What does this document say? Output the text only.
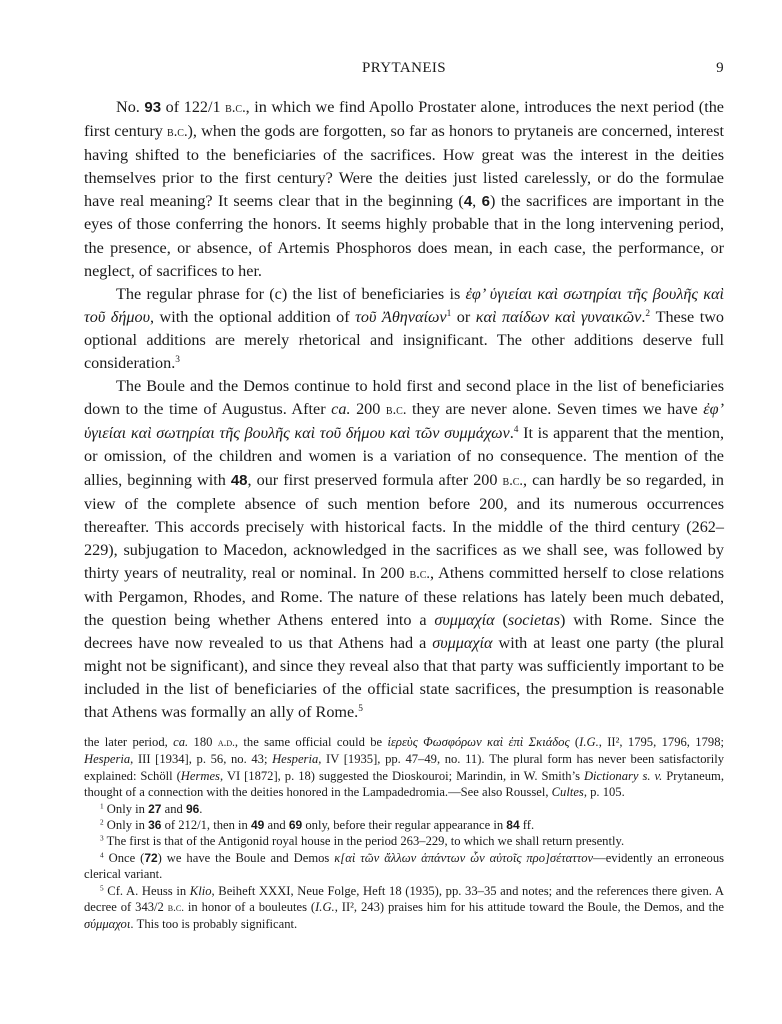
PRYTANEIS	9

No. 93 of 122/1 b.c., in which we find Apollo Prostater alone, introduces the next period (the first century b.c.), when the gods are forgotten, so far as honors to prytaneis are concerned, interest having shifted to the beneficiaries of the sacrifices. How great was the interest in the deities themselves prior to the first century? Were the deities just listed carelessly, or do the formulae have real meaning? It seems clear that in the beginning (4, 6) the sacrifices are important in the eyes of those conferring the honors. It seems highly probable that in the long intervening period, the presence, or absence, of Artemis Phosphoros does mean, in each case, the performance, or neglect, of sacrifices to her.

The regular phrase for (c) the list of beneficiaries is ἐφ’ ὑγιείαι καὶ σωτηρίαι τῆς βουλῆς καὶ τοῦ δήμου, with the optional addition of τοῦ Ἀθηναίων$^1$ or καὶ παίδων καὶ γυναικῶν.$^2$ These two optional additions are merely rhetorical and insignificant. The other additions deserve full consideration.$^3$

The Boule and the Demos continue to hold first and second place in the list of beneficiaries down to the time of Augustus. After ca. 200 b.c. they are never alone. Seven times we have ἐφ’ ὑγιείαι καὶ σωτηρίαι τῆς βουλῆς καὶ τοῦ δήμου καὶ τῶν συμμάχων.$^4$ It is apparent that the mention, or omission, of the children and women is a variation of no consequence. The mention of the allies, beginning with 48, our first preserved formula after 200 b.c., can hardly be so regarded, in view of the complete absence of such mention before 200, and its numerous occurrences thereafter. This accords precisely with historical facts. In the middle of the third century (262–229), subjugation to Macedon, acknowledged in the sacrifices as we shall see, was followed by thirty years of neutrality, real or nominal. In 200 b.c., Athens committed herself to close relations with Pergamon, Rhodes, and Rome. The nature of these relations has lately been much debated, the question being whether Athens entered into a συμμαχία (societas) with Rome. Since the decrees have now revealed to us that Athens had a συμμαχία with at least one party (the plural might not be significant), and since they reveal also that that party was sufficiently important to be included in the list of beneficiaries of the official state sacrifices, the presumption is reasonable that Athens was formally an ally of Rome.$^5$

the later period, ca. 180 a.d., the same official could be ἱερεὺς Φωσφόρων καὶ ἐπὶ Σκιάδος (I.G., II², 1795, 1796, 1798; Hesperia, III [1934], p. 56, no. 43; Hesperia, IV [1935], pp. 47–49, no. 11). The plural form has never been satisfactorily explained: Schöll (Hermes, VI [1872], p. 18) suggested the Dioskouroi; Marindin, in W. Smith’s Dictionary s. v. Prytaneum, thought of a connection with the deities honored in the Lampadedromia.—See also Roussel, Cultes, p. 105.

$^1$ Only in 27 and 96.

$^2$ Only in 36 of 212/1, then in 49 and 69 only, before their regular appearance in 84 ff.

$^3$ The first is that of the Antigonid royal house in the period 263–229, to which we shall return presently.

$^4$ Once (72) we have the Boule and Demos κ[αὶ τῶν ἄλλων ἁπάντων ὧν αὐτοῖς προ]σέταττον—evidently an erroneous clerical variant.

$^5$ Cf. A. Heuss in Klio, Beiheft XXXI, Neue Folge, Heft 18 (1935), pp. 33–35 and notes; and the references there given. A decree of 343/2 b.c. in honor of a bouleutes (I.G., II², 243) praises him for his attitude toward the Boule, the Demos, and the σύμμαχοι. This too is probably significant.
